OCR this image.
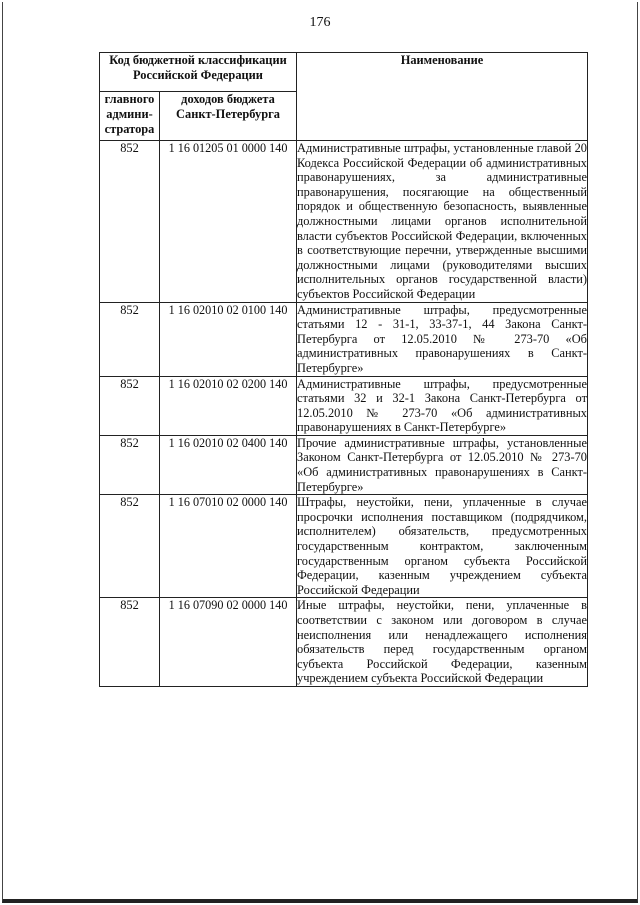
176
Код бюджетной классификации Российской Федерации		Наименование
главного админи-стратора	доходов бюджета Санкт-Петербурга	
852	1 16 01205 01 0000 140	Административные штрафы, установленные главой 20 Кодекса Российской Федерации об административных правонарушениях, за административные правонарушения, посягающие на общественный порядок и общественную безопасность, выявленные должностными лицами органов исполнительной власти субъектов Российской Федерации, включенных в соответствующие перечни, утвержденные высшими должностными лицами (руководителями высших исполнительных органов государственной власти) субъектов Российской Федерации
852	1 16 02010 02 0100 140	Административные штрафы, предусмотренные статьями 12 - 31-1, 33-37-1, 44 Закона Санкт-Петербурга от 12.05.2010 № 273-70 «Об административных правонарушениях в Санкт-Петербурге»
852	1 16 02010 02 0200 140	Административные штрафы, предусмотренные статьями 32 и 32-1 Закона Санкт-Петербурга от 12.05.2010 № 273-70 «Об административных правонарушениях в Санкт-Петербурге»
852	1 16 02010 02 0400 140	Прочие административные штрафы, установленные Законом Санкт-Петербурга от 12.05.2010 № 273-70 «Об административных правонарушениях в Санкт-Петербурге»
852	1 16 07010 02 0000 140	Штрафы, неустойки, пени, уплаченные в случае просрочки исполнения поставщиком (подрядчиком, исполнителем) обязательств, предусмотренных государственным контрактом, заключенным государственным органом субъекта Российской Федерации, казенным учреждением субъекта Российской Федерации
852	1 16 07090 02 0000 140	Иные штрафы, неустойки, пени, уплаченные в соответствии с законом или договором в случае неисполнения или ненадлежащего исполнения обязательств перед государственным органом субъекта Российской Федерации, казенным учреждением субъекта Российской Федерации
